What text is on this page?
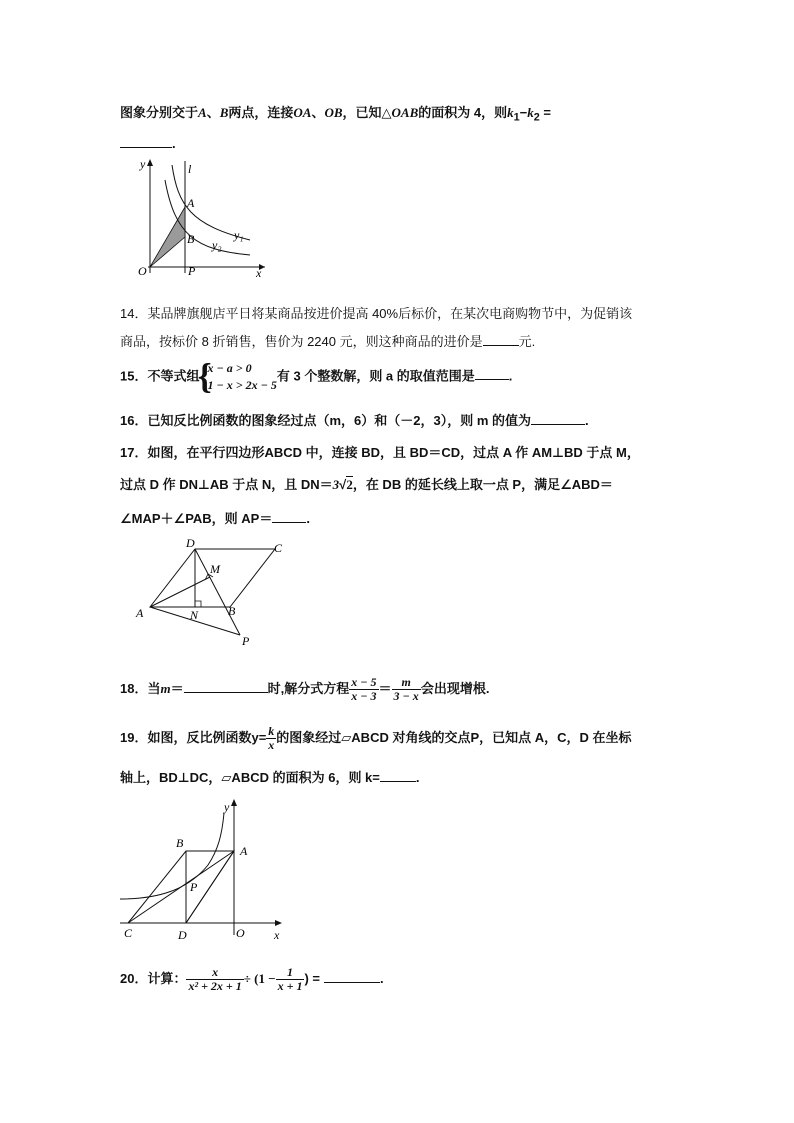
图象分别交于A、B两点，连接OA、OB，已知△OAB的面积为 4，则$k_1-k_2$ =
.
y	l
A
B	y₁
y₂
O	P	x
14．某品牌旗舰店平日将某商品按进价提高 40%后标价，在某次电商购物节中，为促销该
商品，按标价 8 折销售，售价为 2240 元，则这种商品的进价是	元.
15．不等式组
{
x − a > 0
1 − x > 2x − 5
有 3 个整数解，则 a 的取值范围是	.
16．已知反比例函数的图象经过点（m，6）和（－2，3），则 m 的值为	.
17．如图，在平行四边形ABCD 中，连接 BD，且 BD＝CD，过点 A 作 AM⊥BD 于点 M，
过点 D 作 DN⊥AB 于点 N，且 DN＝3√2，在 DB 的延长线上取一点 P，满足∠ABD＝
∠MAP＋∠PAB，则 AP＝	.
D	C
M
A	N B
P
18．当m＝	时,解分式方程 $\frac{x - 5}{x - 3} = \frac{m}{3 - x}$ 会出现增根.
19．如图，反比例函数$y= \frac{k}{x}$ 的图象经过▱ABCD 对角线的交点P，已知点 A，C，D 在坐标
轴上，BD⊥DC，▱ABCD 的面积为 6，则 k=	.
B
A
y
P
C	D	O x
20．计算： $\frac{x}{\text{x² + 2x + 1}} \div (1 - \frac{1}{x + 1}$ ) =	.
